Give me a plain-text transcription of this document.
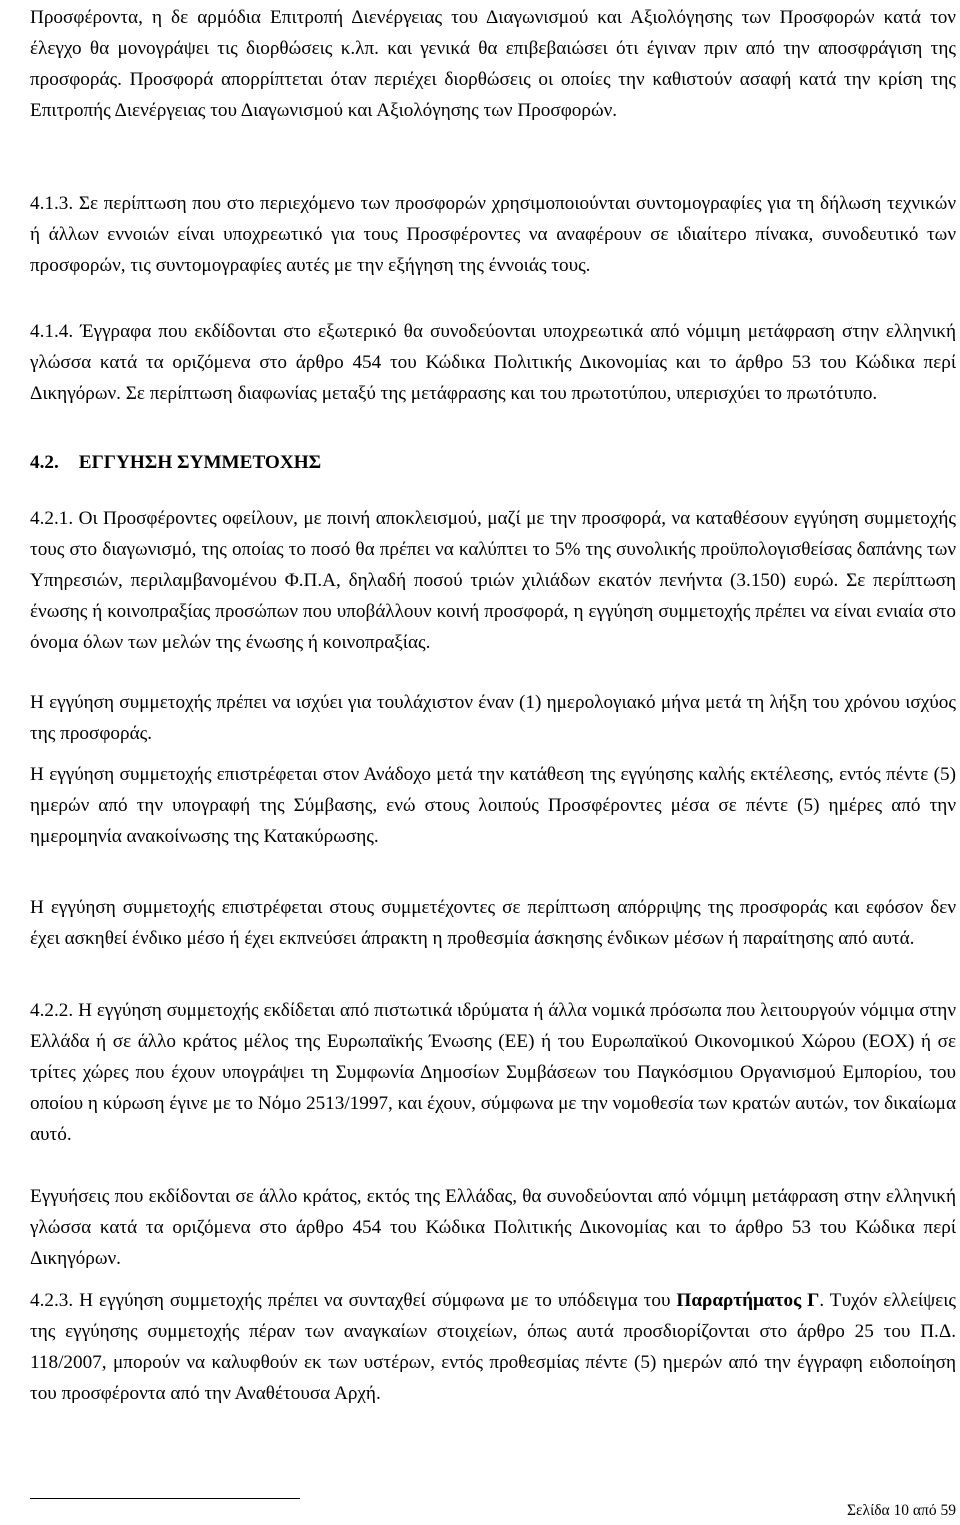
Προσφέροντα, η δε αρμόδια Επιτροπή Διενέργειας του Διαγωνισμού και Αξιολόγησης των Προσφορών κατά τον έλεγχο θα μονογράψει τις διορθώσεις κ.λπ. και γενικά θα επιβεβαιώσει ότι έγιναν πριν από την αποσφράγιση της προσφοράς. Προσφορά απορρίπτεται όταν περιέχει διορθώσεις οι οποίες την καθιστούν ασαφή κατά την κρίση της Επιτροπής Διενέργειας του Διαγωνισμού και Αξιολόγησης των Προσφορών.

4.1.3. Σε περίπτωση που στο περιεχόμενο των προσφορών χρησιμοποιούνται συντομογραφίες για τη δήλωση τεχνικών ή άλλων εννοιών είναι υποχρεωτικό για τους Προσφέροντες να αναφέρουν σε ιδιαίτερο πίνακα, συνοδευτικό των προσφορών, τις συντομογραφίες αυτές με την εξήγηση της έννοιάς τους.

4.1.4. Έγγραφα που εκδίδονται στο εξωτερικό θα συνοδεύονται υποχρεωτικά από νόμιμη μετάφραση στην ελληνική γλώσσα κατά τα οριζόμενα στο άρθρο 454 του Κώδικα Πολιτικής Δικονομίας και το άρθρο 53 του Κώδικα περί Δικηγόρων. Σε περίπτωση διαφωνίας μεταξύ της μετάφρασης και του πρωτοτύπου, υπερισχύει το πρωτότυπο.

4.2. ΕΓΓΥΗΣΗ ΣΥΜΜΕΤΟΧΗΣ

4.2.1. Οι Προσφέροντες οφείλουν, με ποινή αποκλεισμού, μαζί με την προσφορά, να καταθέσουν εγγύηση συμμετοχής τους στο διαγωνισμό, της οποίας το ποσό θα πρέπει να καλύπτει το 5% της συνολικής προϋπολογισθείσας δαπάνης των Υπηρεσιών, περιλαμβανομένου Φ.Π.Α, δηλαδή ποσού τριών χιλιάδων εκατόν πενήντα (3.150) ευρώ. Σε περίπτωση ένωσης ή κοινοπραξίας προσώπων που υποβάλλουν κοινή προσφορά, η εγγύηση συμμετοχής πρέπει να είναι ενιαία στο όνομα όλων των μελών της ένωσης ή κοινοπραξίας.

Η εγγύηση συμμετοχής πρέπει να ισχύει για τουλάχιστον έναν (1) ημερολογιακό μήνα μετά τη λήξη του χρόνου ισχύος της προσφοράς.

Η εγγύηση συμμετοχής επιστρέφεται στον Ανάδοχο μετά την κατάθεση της εγγύησης καλής εκτέλεσης, εντός πέντε (5) ημερών από την υπογραφή της Σύμβασης, ενώ στους λοιπούς Προσφέροντες μέσα σε πέντε (5) ημέρες από την ημερομηνία ανακοίνωσης της Κατακύρωσης.

Η εγγύηση συμμετοχής επιστρέφεται στους συμμετέχοντες σε περίπτωση απόρριψης της προσφοράς και εφόσον δεν έχει ασκηθεί ένδικο μέσο ή έχει εκπνεύσει άπρακτη η προθεσμία άσκησης ένδικων μέσων ή παραίτησης από αυτά.

4.2.2. Η εγγύηση συμμετοχής εκδίδεται από πιστωτικά ιδρύματα ή άλλα νομικά πρόσωπα που λειτουργούν νόμιμα στην Ελλάδα ή σε άλλο κράτος μέλος της Ευρωπαϊκής Ένωσης (ΕΕ) ή του Ευρωπαϊκού Οικονομικού Χώρου (ΕΟΧ) ή σε τρίτες χώρες που έχουν υπογράψει τη Συμφωνία Δημοσίων Συμβάσεων του Παγκόσμιου Οργανισμού Εμπορίου, του οποίου η κύρωση έγινε με το Νόμο 2513/1997, και έχουν, σύμφωνα με την νομοθεσία των κρατών αυτών, τον δικαίωμα αυτό.

Εγγυήσεις που εκδίδονται σε άλλο κράτος, εκτός της Ελλάδας, θα συνοδεύονται από νόμιμη μετάφραση στην ελληνική γλώσσα κατά τα οριζόμενα στο άρθρο 454 του Κώδικα Πολιτικής Δικονομίας και το άρθρο 53 του Κώδικα περί Δικηγόρων.

4.2.3. Η εγγύηση συμμετοχής πρέπει να συνταχθεί σύμφωνα με το υπόδειγμα του Παραρτήματος Γ. Τυχόν ελλείψεις της εγγύησης συμμετοχής πέραν των αναγκαίων στοιχείων, όπως αυτά προσδιορίζονται στο άρθρο 25 του Π.Δ. 118/2007, μπορούν να καλυφθούν εκ των υστέρων, εντός προθεσμίας πέντε (5) ημερών από την έγγραφη ειδοποίηση του προσφέροντα από την Αναθέτουσα Αρχή.

Σελίδα 10 από 59
